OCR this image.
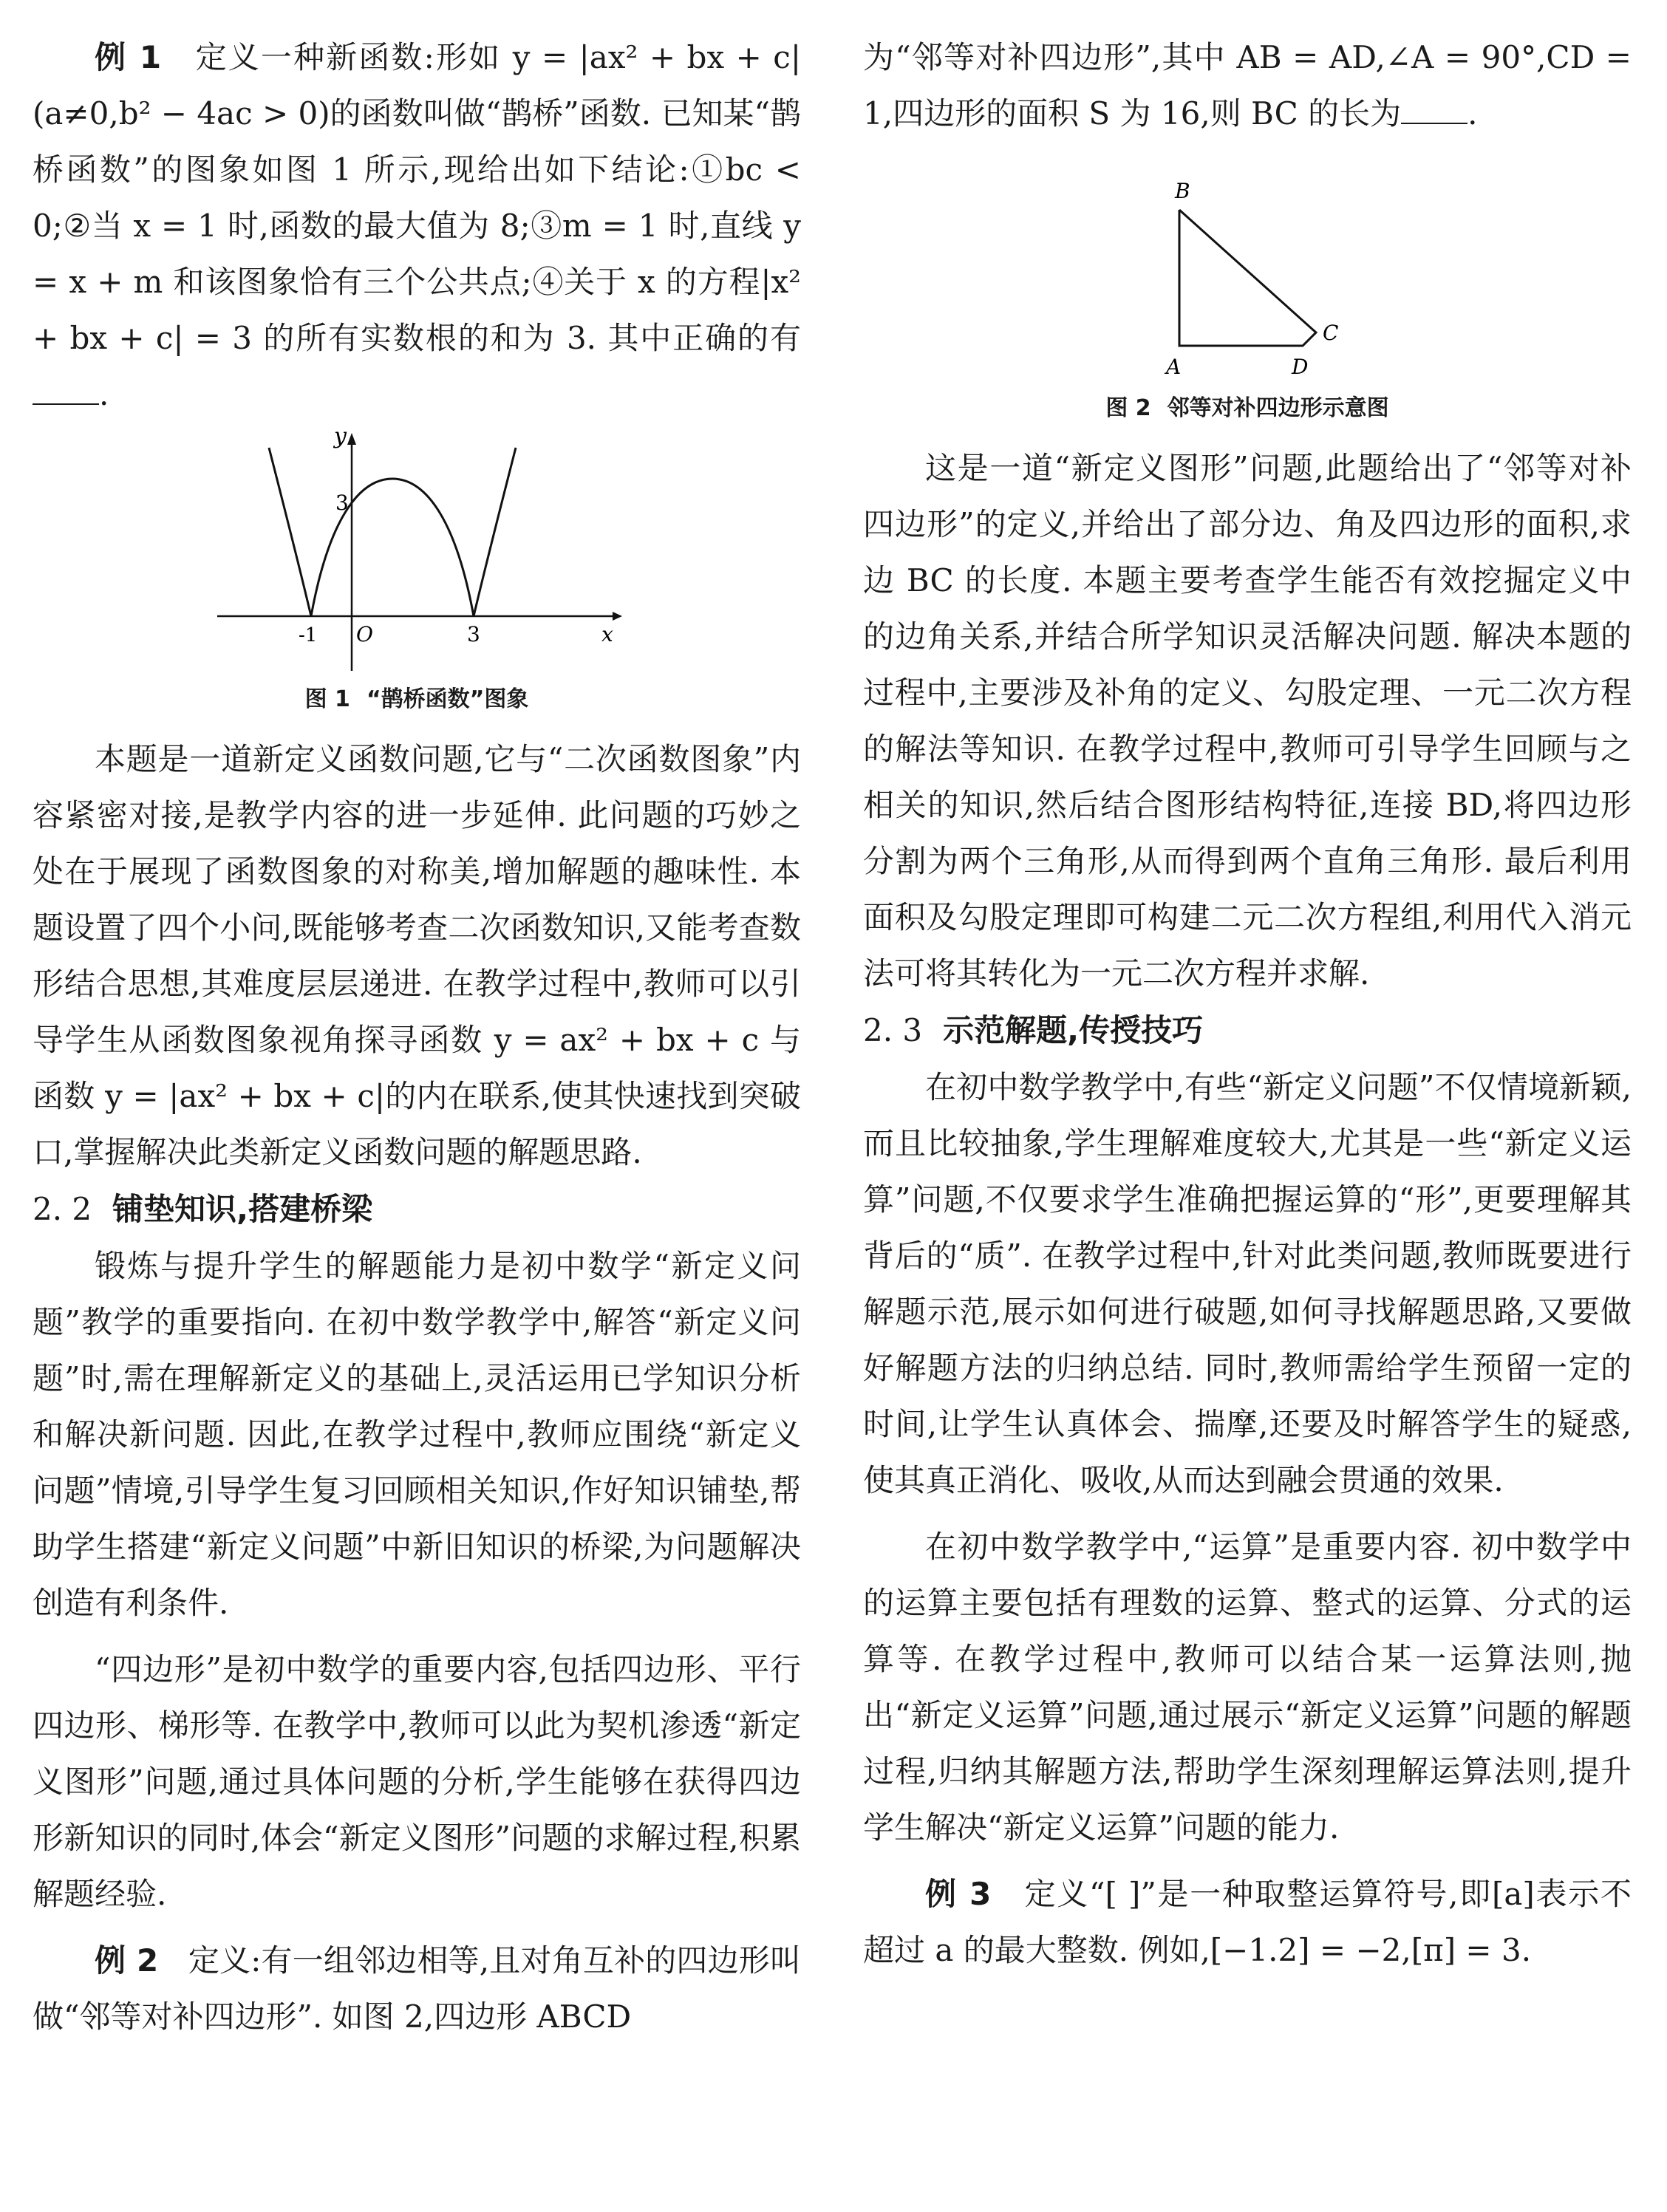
例 1 定义一种新函数:形如 y = |ax² + bx + c|(a≠0,b² − 4ac > 0)的函数叫做“鹊桥”函数. 已知某“鹊桥函数”的图象如图 1 所示,现给出如下结论:①bc < 0;②当 x = 1 时,函数的最大值为 8;③m = 1 时,直线 y = x + m 和该图象恰有三个公共点;④关于 x 的方程|x² + bx + c| = 3 的所有实数根的和为 3. 其中正确的有.

y
x
O
-1	3
3
图 1 “鹊桥函数”图象

本题是一道新定义函数问题,它与“二次函数图象”内容紧密对接,是教学内容的进一步延伸. 此问题的巧妙之处在于展现了函数图象的对称美,增加解题的趣味性. 本题设置了四个小问,既能够考查二次函数知识,又能考查数形结合思想,其难度层层递进. 在教学过程中,教师可以引导学生从函数图象视角探寻函数 y = ax² + bx + c 与函数 y = |ax² + bx + c|的内在联系,使其快速找到突破口,掌握解决此类新定义函数问题的解题思路.

2. 2 铺垫知识,搭建桥梁

锻炼与提升学生的解题能力是初中数学“新定义问题”教学的重要指向. 在初中数学教学中,解答“新定义问题”时,需在理解新定义的基础上,灵活运用已学知识分析和解决新问题. 因此,在教学过程中,教师应围绕“新定义问题”情境,引导学生复习回顾相关知识,作好知识铺垫,帮助学生搭建“新定义问题”中新旧知识的桥梁,为问题解决创造有利条件.

“四边形”是初中数学的重要内容,包括四边形、平行四边形、梯形等. 在教学中,教师可以此为契机渗透“新定义图形”问题,通过具体问题的分析,学生能够在获得四边形新知识的同时,体会“新定义图形”问题的求解过程,积累解题经验.

例 2 定义:有一组邻边相等,且对角互补的四边形叫做“邻等对补四边形”. 如图 2,四边形 ABCD

为“邻等对补四边形”,其中 AB = AD,∠A = 90°,CD = 1,四边形的面积 S 为 16,则 BC 的长为 .

B
A	D
C
图 2 邻等对补四边形示意图

这是一道“新定义图形”问题,此题给出了“邻等对补四边形”的定义,并给出了部分边、角及四边形的面积,求边 BC 的长度. 本题主要考查学生能否有效挖掘定义中的边角关系,并结合所学知识灵活解决问题. 解决本题的过程中,主要涉及补角的定义、勾股定理、一元二次方程的解法等知识. 在教学过程中,教师可引导学生回顾与之相关的知识,然后结合图形结构特征,连接 BD,将四边形分割为两个三角形,从而得到两个直角三角形. 最后利用面积及勾股定理即可构建二元二次方程组,利用代入消元法可将其转化为一元二次方程并求解.

2. 3 示范解题,传授技巧

在初中数学教学中,有些“新定义问题”不仅情境新颖,而且比较抽象,学生理解难度较大,尤其是一些“新定义运算”问题,不仅要求学生准确把握运算的“形”,更要理解其背后的“质”. 在教学过程中,针对此类问题,教师既要进行解题示范,展示如何进行破题,如何寻找解题思路,又要做好解题方法的归纳总结. 同时,教师需给学生预留一定的时间,让学生认真体会、揣摩,还要及时解答学生的疑惑,使其真正消化、吸收,从而达到融会贯通的效果.

在初中数学教学中,“运算”是重要内容. 初中数学中的运算主要包括有理数的运算、整式的运算、分式的运算等. 在教学过程中,教师可以结合某一运算法则,抛出“新定义运算”问题,通过展示“新定义运算”问题的解题过程,归纳其解题方法,帮助学生深刻理解运算法则,提升学生解决“新定义运算”问题的能力.

例 3 定义“[ ]”是一种取整运算符号,即[a]表示不超过 a 的最大整数. 例如,[−1.2] = −2,[π] = 3.
